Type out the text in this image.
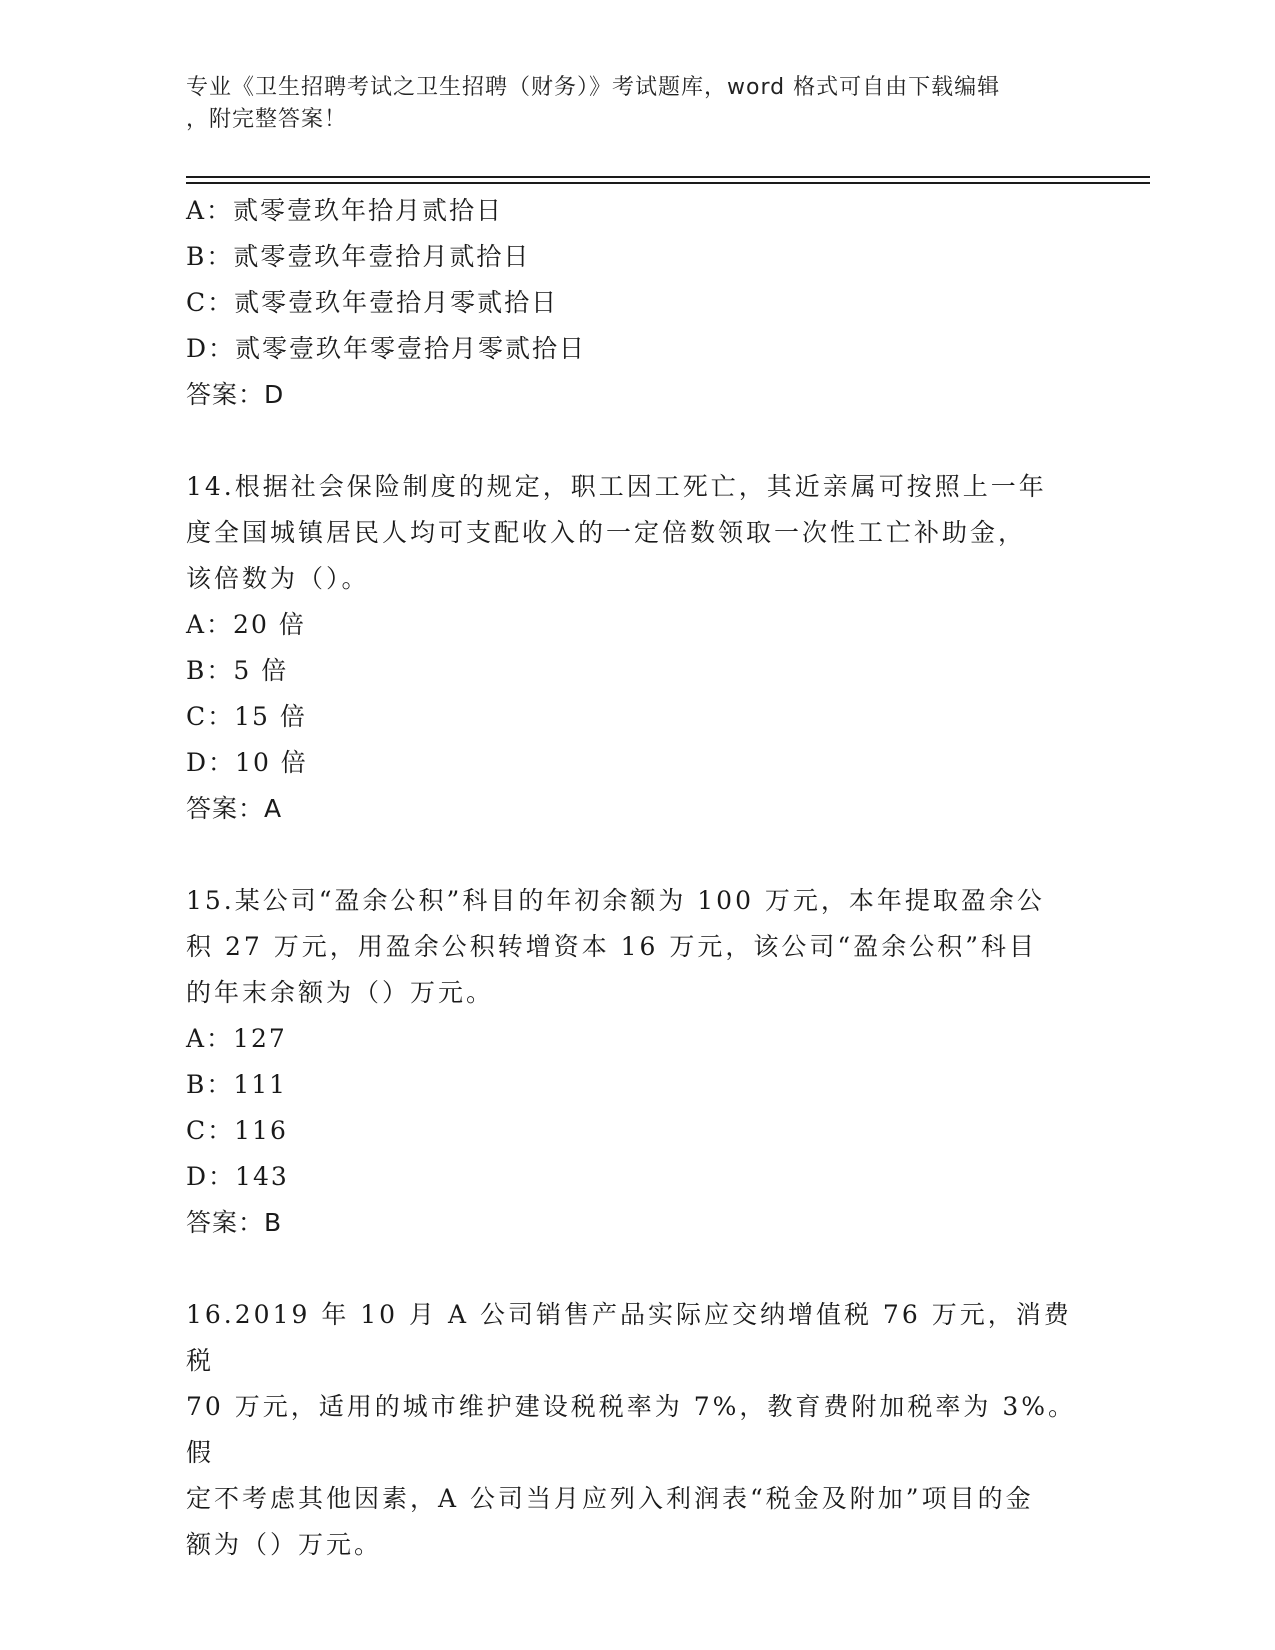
专业《卫生招聘考试之卫生招聘（财务）》考试题库，word 格式可自由下载编辑
，附完整答案！
A：贰零壹玖年拾月贰拾日
B：贰零壹玖年壹拾月贰拾日
C：贰零壹玖年壹拾月零贰拾日
D：贰零壹玖年零壹拾月零贰拾日
答案：D
14.根据社会保险制度的规定，职工因工死亡，其近亲属可按照上一年
度全国城镇居民人均可支配收入的一定倍数领取一次性工亡补助金，
该倍数为（）。
A：20 倍
B：5 倍
C：15 倍
D：10 倍
答案：A
15.某公司“盈余公积”科目的年初余额为 100 万元，本年提取盈余公
积 27 万元，用盈余公积转增资本 16 万元，该公司“盈余公积”科目
的年末余额为（）万元。
A：127
B：111
C：116
D：143
答案：B
16.2019 年 10 月 A 公司销售产品实际应交纳增值税 76 万元，消费税
70 万元，适用的城市维护建设税税率为 7%，教育费附加税率为 3%。假
定不考虑其他因素，A 公司当月应列入利润表“税金及附加”项目的金
额为（）万元。
